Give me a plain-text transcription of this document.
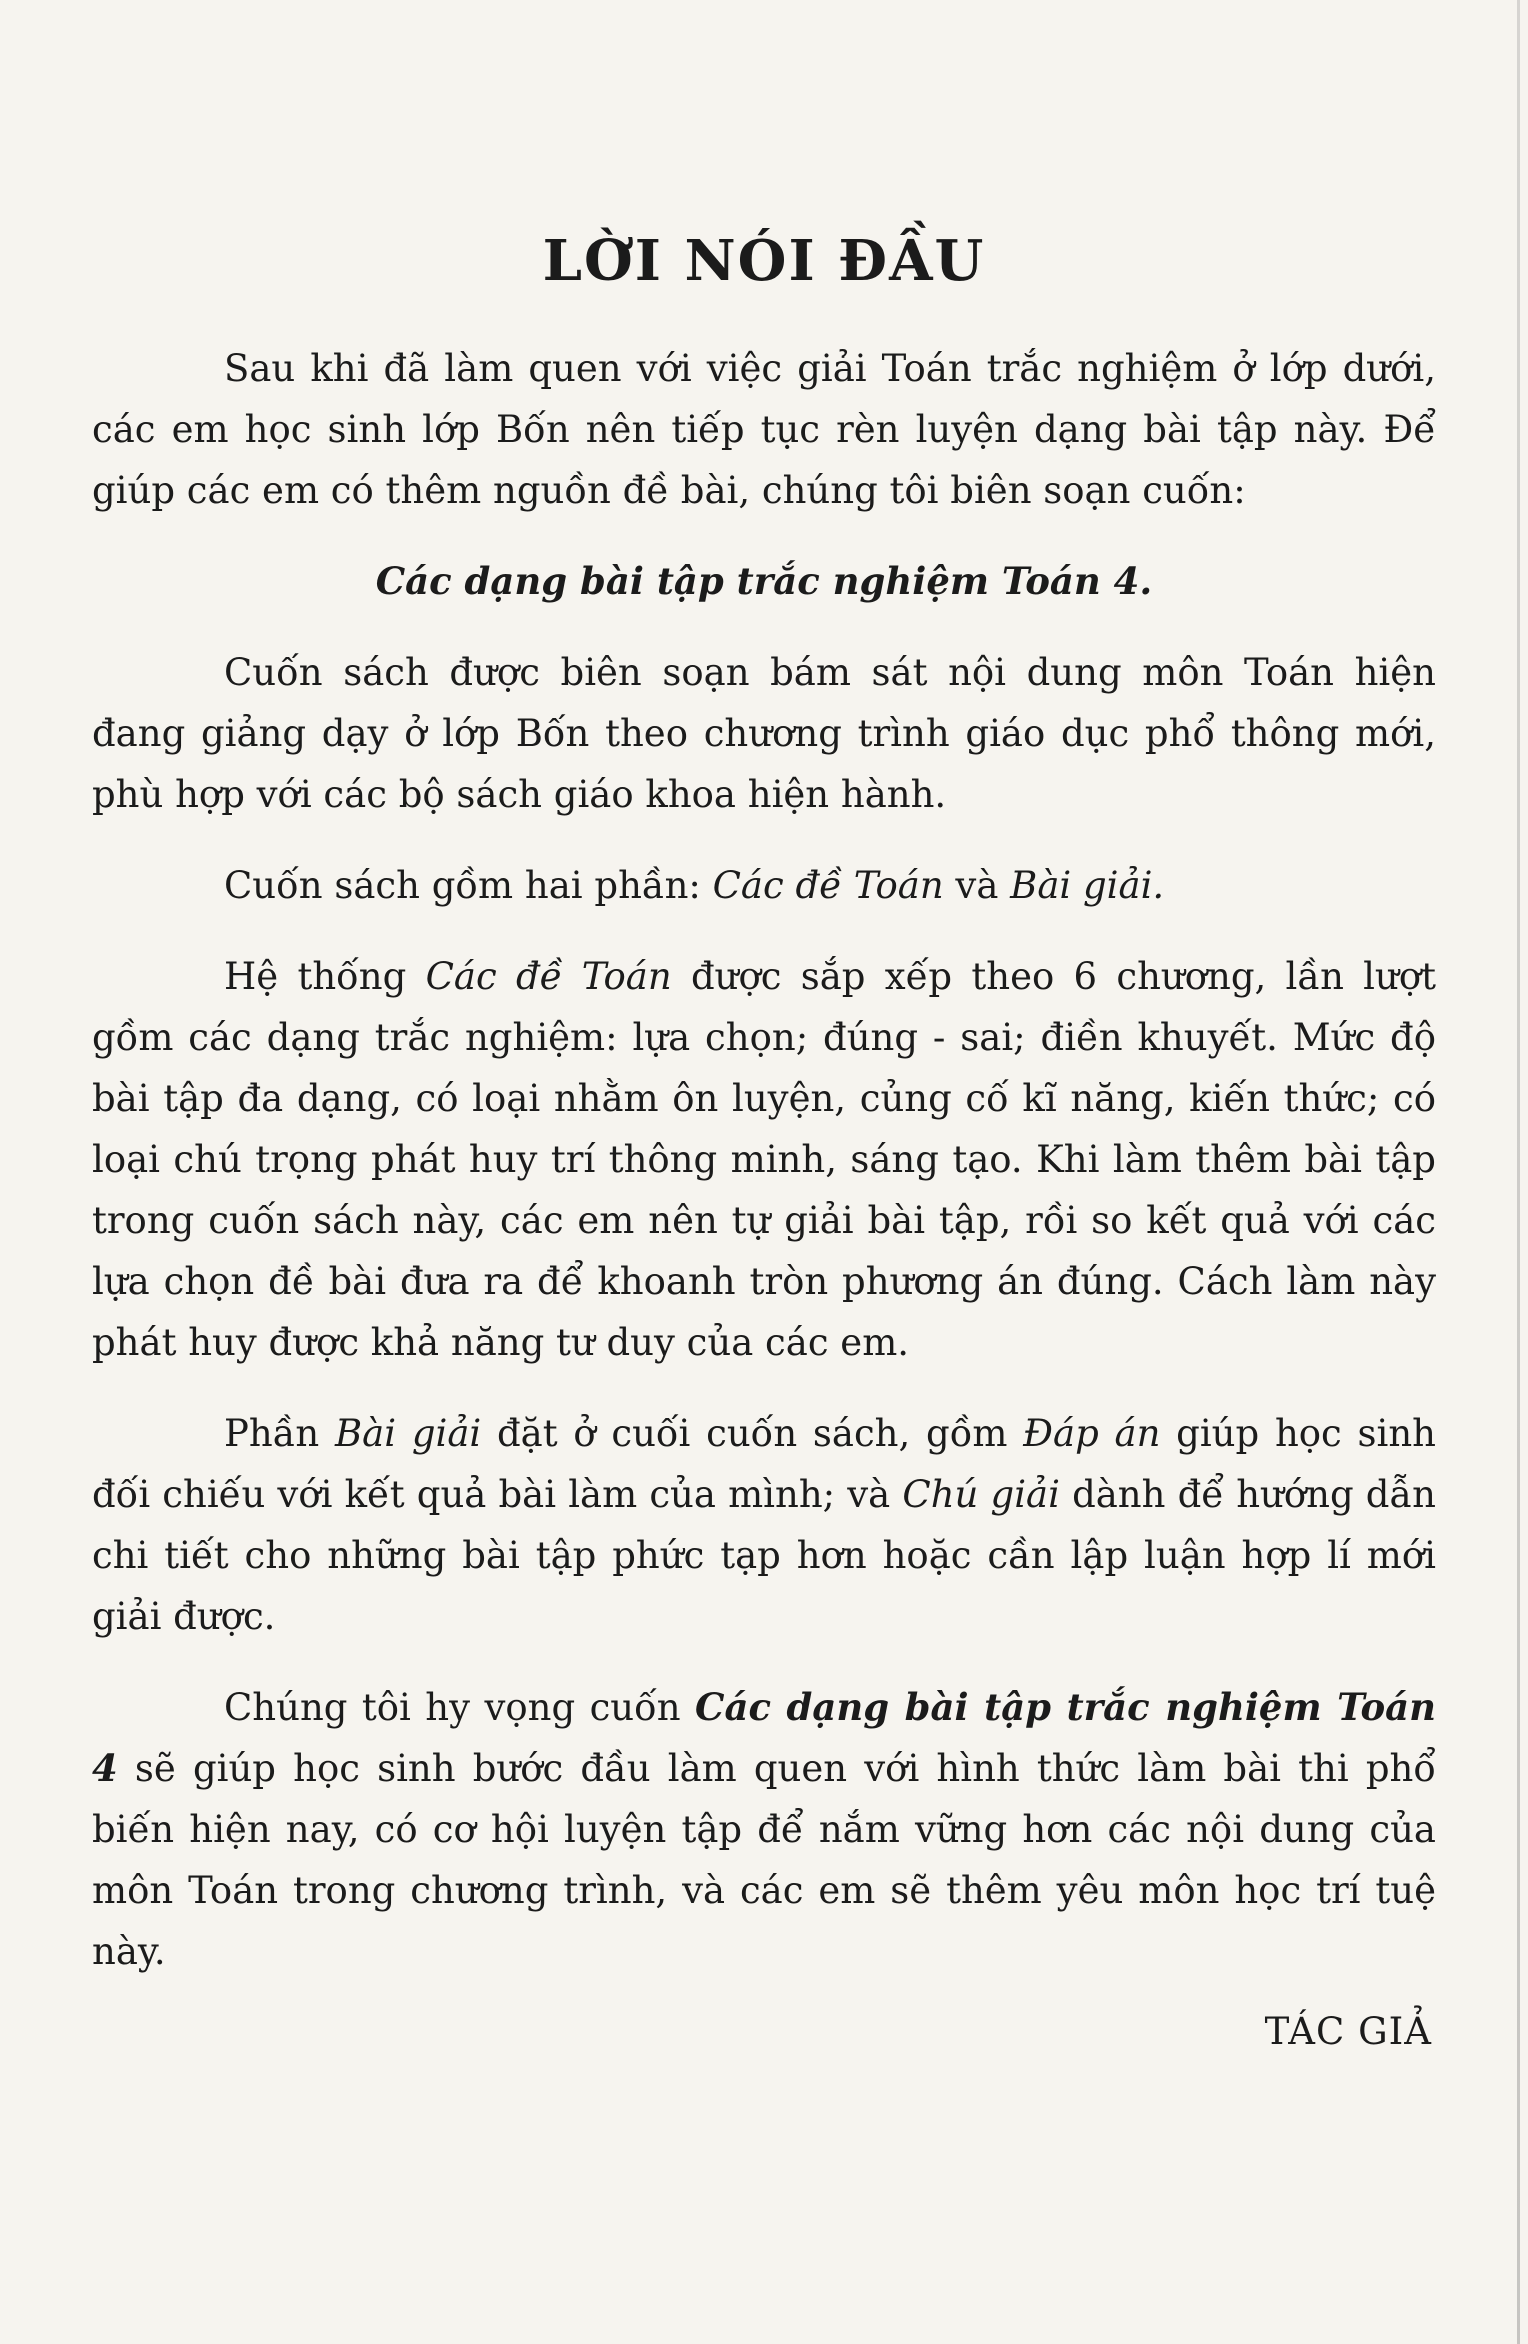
LỜI NÓI ĐẦU

Sau khi đã làm quen với việc giải Toán trắc nghiệm ở lớp dưới, các em học sinh lớp Bốn nên tiếp tục rèn luyện dạng bài tập này. Để giúp các em có thêm nguồn đề bài, chúng tôi biên soạn cuốn:

Các dạng bài tập trắc nghiệm Toán 4.

Cuốn sách được biên soạn bám sát nội dung môn Toán hiện đang giảng dạy ở lớp Bốn theo chương trình giáo dục phổ thông mới, phù hợp với các bộ sách giáo khoa hiện hành.

Cuốn sách gồm hai phần: Các đề Toán và Bài giải.

Hệ thống Các đề Toán được sắp xếp theo 6 chương, lần lượt gồm các dạng trắc nghiệm: lựa chọn; đúng - sai; điền khuyết. Mức độ bài tập đa dạng, có loại nhằm ôn luyện, củng cố kĩ năng, kiến thức; có loại chú trọng phát huy trí thông minh, sáng tạo. Khi làm thêm bài tập trong cuốn sách này, các em nên tự giải bài tập, rồi so kết quả với các lựa chọn đề bài đưa ra để khoanh tròn phương án đúng. Cách làm này phát huy được khả năng tư duy của các em.

Phần Bài giải đặt ở cuối cuốn sách, gồm Đáp án giúp học sinh đối chiếu với kết quả bài làm của mình; và Chú giải dành để hướng dẫn chi tiết cho những bài tập phức tạp hơn hoặc cần lập luận hợp lí mới giải được.

Chúng tôi hy vọng cuốn Các dạng bài tập trắc nghiệm Toán 4 sẽ giúp học sinh bước đầu làm quen với hình thức làm bài thi phổ biến hiện nay, có cơ hội luyện tập để nắm vững hơn các nội dung của môn Toán trong chương trình, và các em sẽ thêm yêu môn học trí tuệ này.

TÁC GIẢ
